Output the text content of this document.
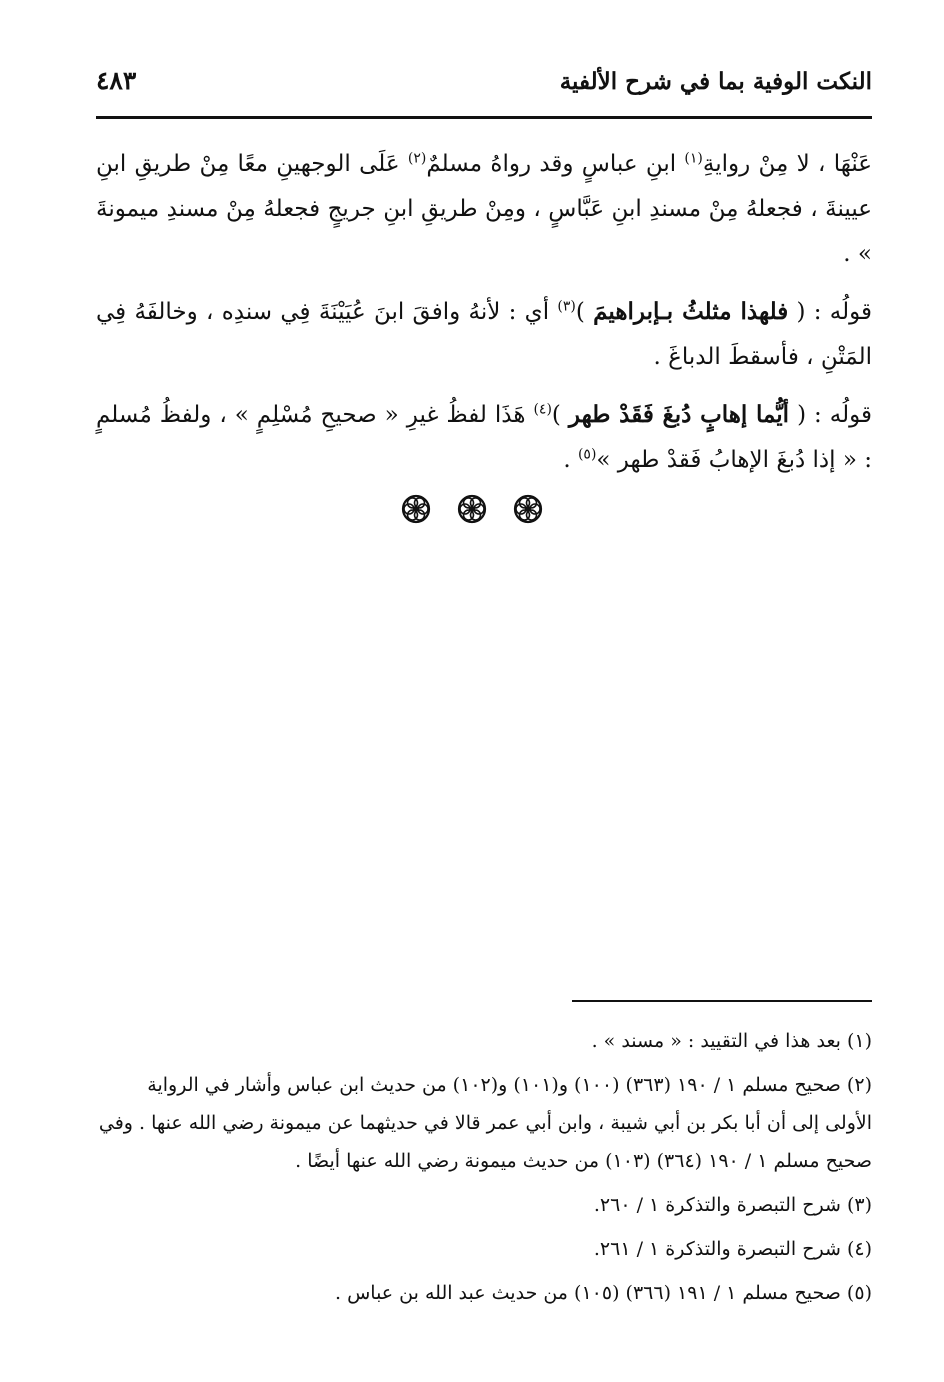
النكت الوفية بما في شرح الألفية
٤٨٣

عَنْهَا ، لا مِنْ روايةِ$^{(١)}$ ابنِ عباسٍ وقد رواهُ مسلمٌ$^{(٢)}$ عَلَى الوجهينِ معًا مِنْ طريقِ ابنِ عيينةَ ، فجعلهُ مِنْ مسندِ ابنِ عَبَّاسٍ ، ومِنْ طريقِ ابنِ جريجٍ فجعلهُ مِنْ مسندِ ميمونةَ » .

قولُه : ( فلهذا مثلثُ بـإبراهيمَ )$^{(٣)}$ أي : لأنهُ وافقَ ابنَ عُيَيْنَةَ فِي سندِه ، وخالفَهُ فِي المَتْنِ ، فأسقطَ الدباغَ .

قولُه : ( أيُّما إهابٍ دُبغَ فَقَدْ طهر )$^{(٤)}$ هَذَا لفظُ غيرِ « صحيحِ مُسْلِمٍ » ، ولفظُ مُسلمٍ : « إذا دُبغَ الإهابُ فَقدْ طهر »$^{(٥)}$ .

(١) بعد هذا في التقييد : « مسند » .
(٢) صحيح مسلم ١ / ١٩٠ (٣٦٣) (١٠٠) و(١٠١) و(١٠٢) من حديث ابن عباس وأشار في الرواية الأولى إلى أن أبا بكر بن أبي شيبة ، وابن أبي عمر قالا في حديثهما عن ميمونة رضي الله عنها . وفي صحيح مسلم ١ / ١٩٠ (٣٦٤) (١٠٣) من حديث ميمونة رضي الله عنها أيضًا .
(٣) شرح التبصرة والتذكرة ١ / ٢٦٠.
(٤) شرح التبصرة والتذكرة ١ / ٢٦١.
(٥) صحيح مسلم ١ / ١٩١ (٣٦٦) (١٠٥) من حديث عبد الله بن عباس .
